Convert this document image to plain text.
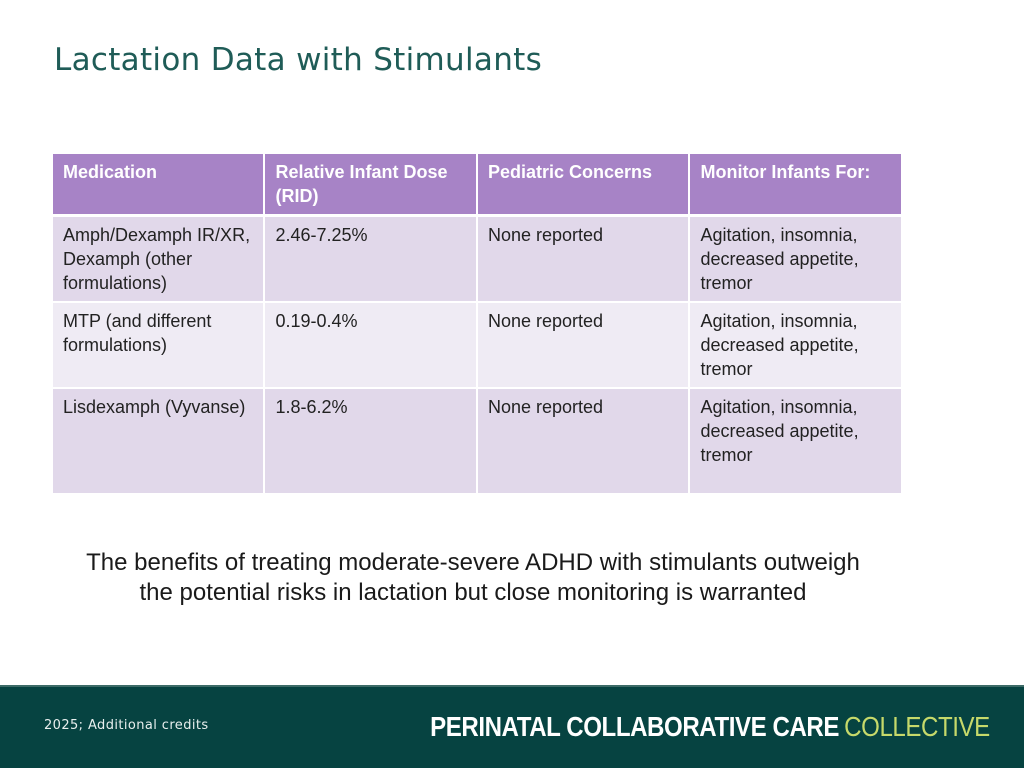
Lactation Data with Stimulants
Medication	Relative Infant Dose (RID)	Pediatric Concerns	Monitor Infants For:
Amph/Dexamph IR/XR, Dexamph (other formulations)	2.46-7.25%	None reported	Agitation, insomnia, decreased appetite, tremor
MTP (and different formulations)	0.19-0.4%	None reported	Agitation, insomnia, decreased appetite, tremor
Lisdexamph (Vyvanse)	1.8-6.2%	None reported	Agitation, insomnia, decreased appetite, tremor
The benefits of treating moderate-severe ADHD with stimulants outweigh
the potential risks in lactation but close monitoring is warranted
2025; Additional credits	PERINATAL COLLABORATIVE CARE COLLECTIVE
